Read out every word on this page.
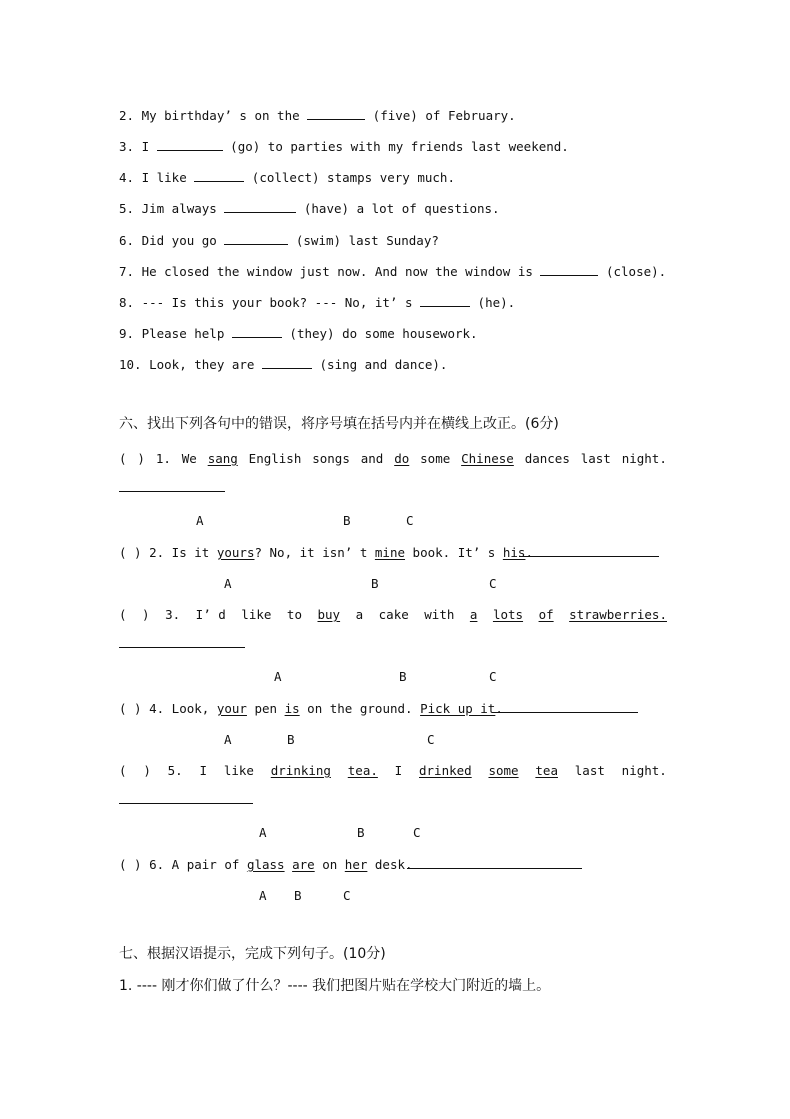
2. My birthday’ s on the	(five) of February.
3. I	(go) to parties with my friends last weekend.
4. I like	(collect) stamps very much.
5. Jim always	(have) a lot of questions.
6. Did you go	(swim) last Sunday?
7. He closed the window just now. And now the window is	(close).
8. --- Is this your book? --- No, it’ s	(he).
9. Please help	(they) do some housework.
10. Look, they are	(sing and dance).
六、找出下列各句中的错误，将序号填在括号内并在横线上改正。(6分)
( ) 1. We sang English songs and do some Chinese dances last night.
A	B	C
( ) 2. Is it yours? No, it isn’ t mine book. It’ s his.
A	B	C
( ) 3. I’ d like to buy a cake with a lots of strawberries.
A	B	C
( ) 4. Look, your pen is on the ground. Pick up it.
A	B	C
( ) 5. I like drinking tea. I drinked some tea last night.
A	B	C
( ) 6. A pair of glass are on her desk.
A B	C
七、根据汉语提示，完成下列句子。(10分)
1. ---- 刚才你们做了什么？---- 我们把图片贴在学校大门附近的墙上。
